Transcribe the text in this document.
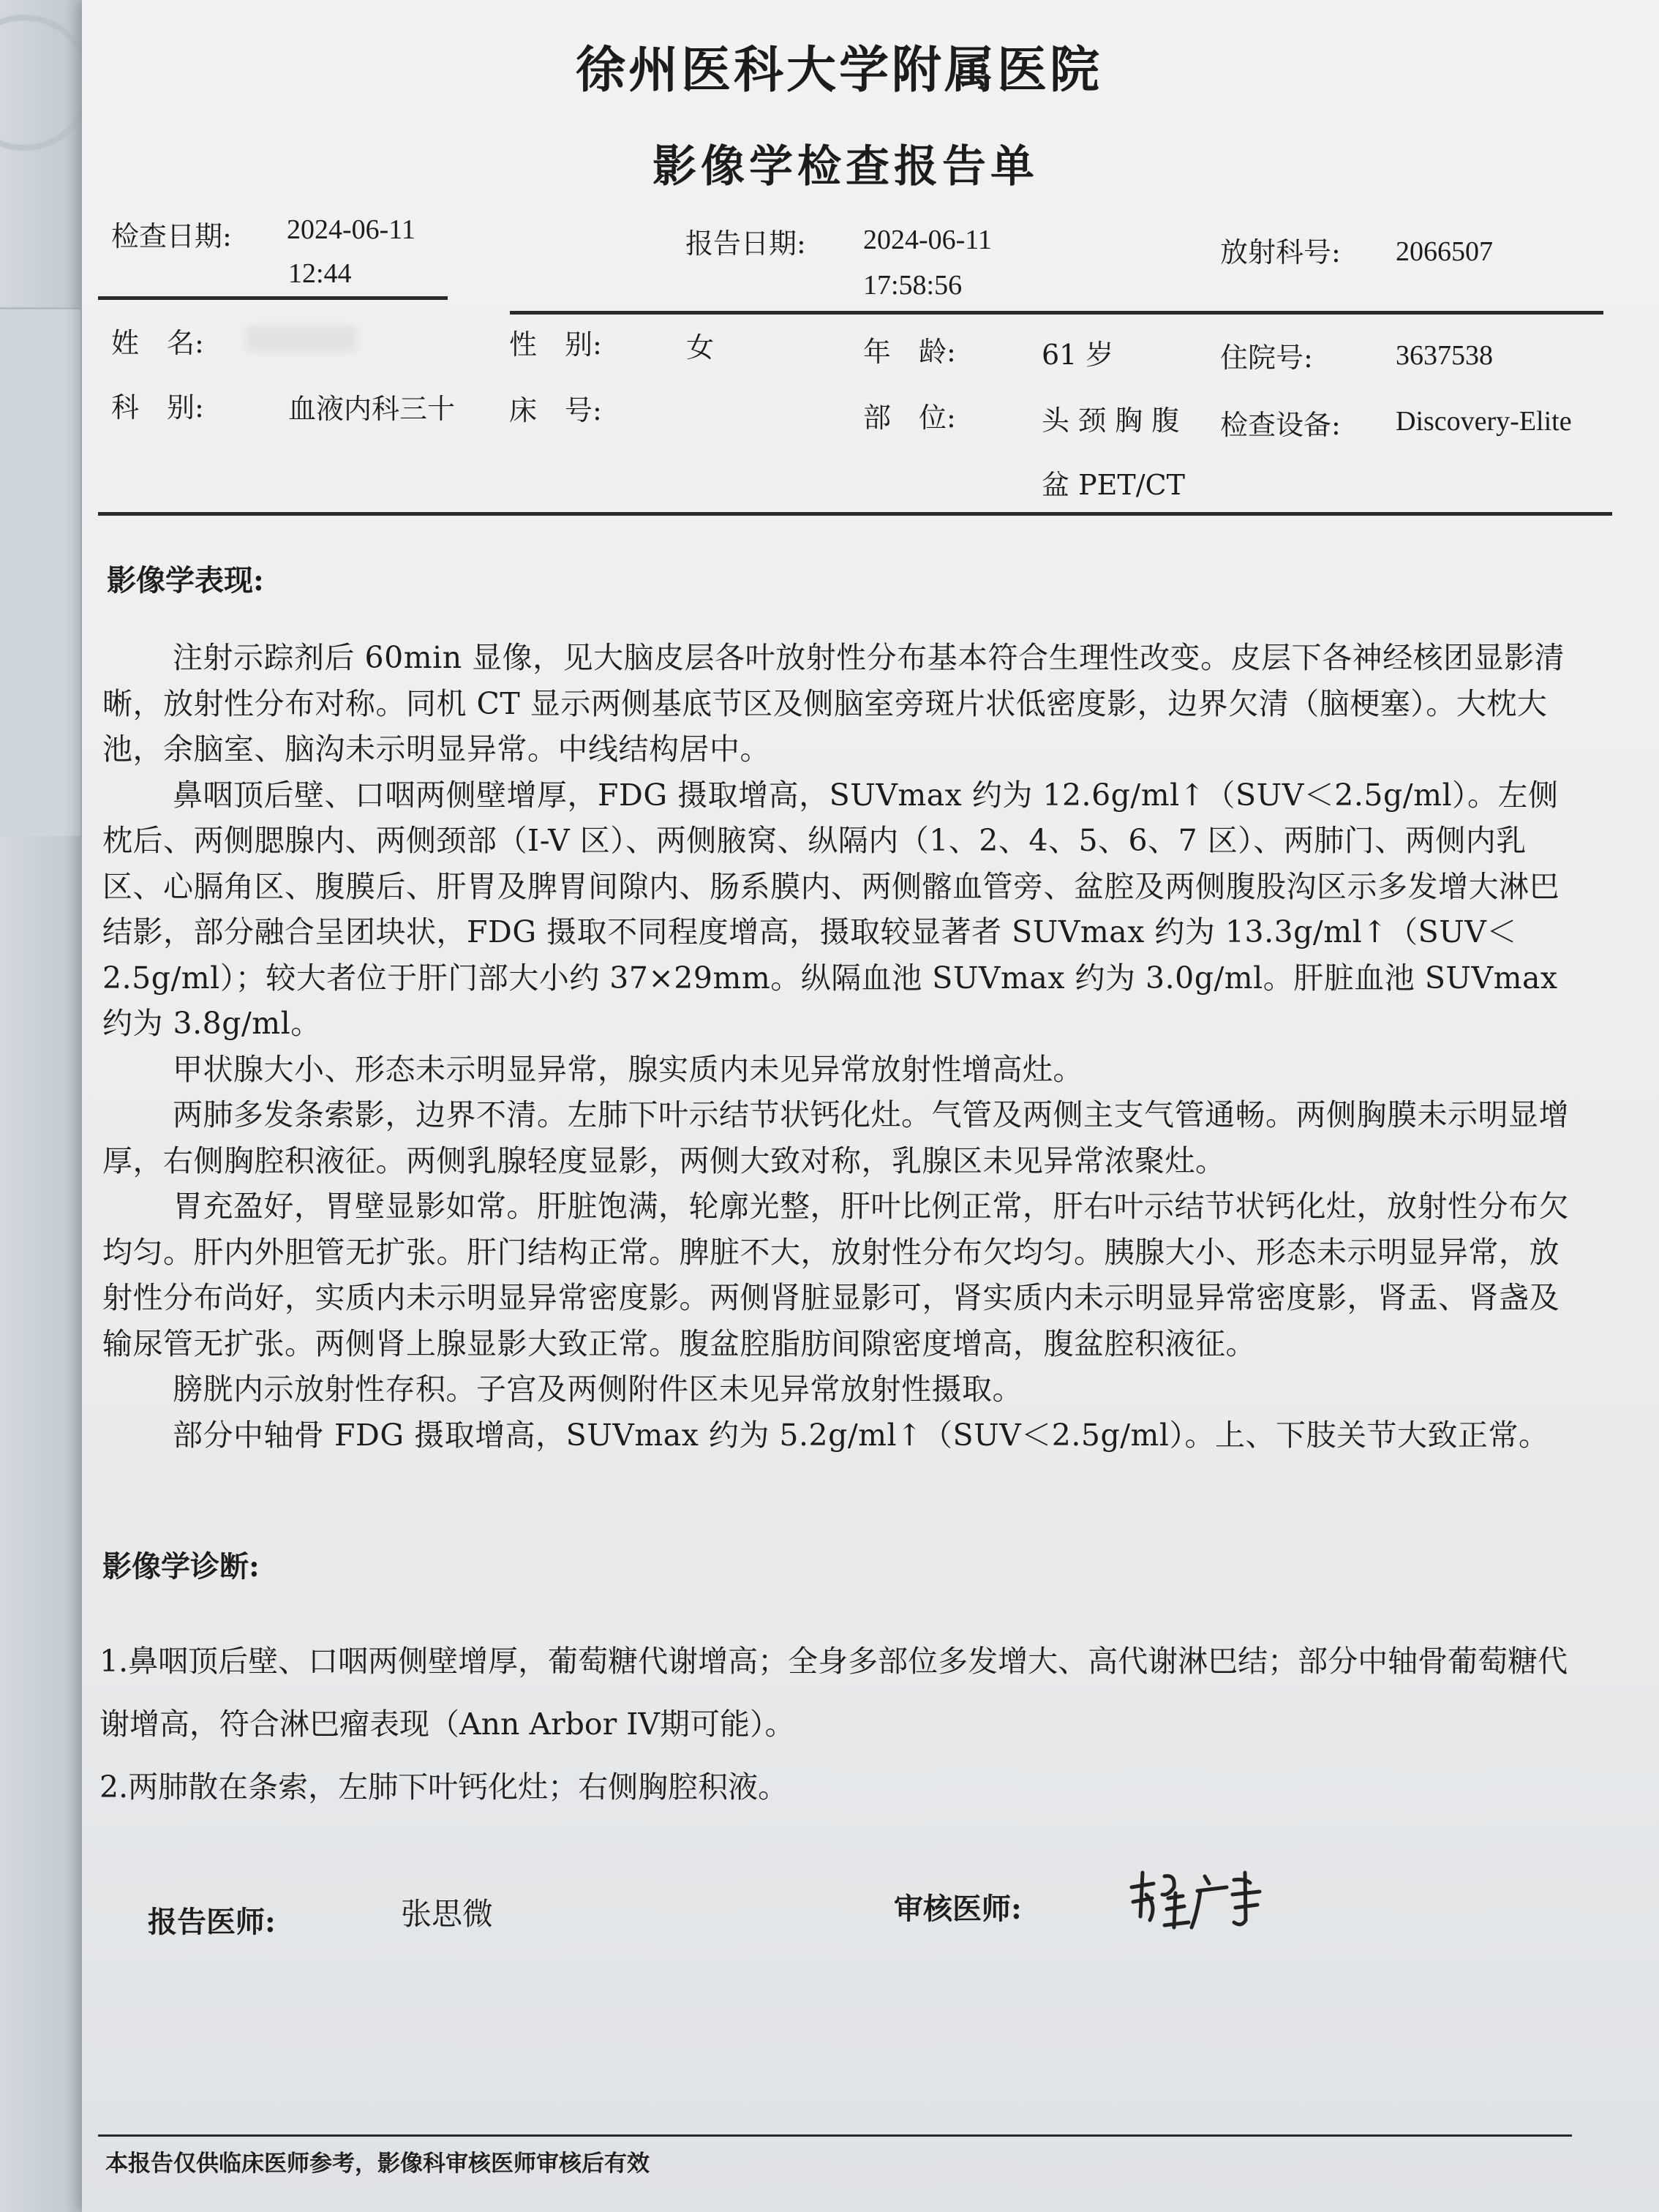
徐州医科大学附属医院
影像学检查报告单
检查日期: 2024-06-11
12:44
报告日期: 2024-06-11
17:58:56
放射科号: 2066507
姓　名:	性　别:	女	年　龄:	61 岁	住院号:	3637538
科　别:	血液内科三十 床　号:	部　位:	头 颈 胸 腹
盆 PET/CT
检查设备: Discovery-Elite
影像学表现:

注射示踪剂后 60min 显像，见大脑皮层各叶放射性分布基本符合生理性改变。皮层下各神经核团显影清晰，放射性分布对称。同机 CT 显示两侧基底节区及侧脑室旁斑片状低密度影，边界欠清（脑梗塞）。大枕大池，余脑室、脑沟未示明显异常。中线结构居中。

鼻咽顶后壁、口咽两侧壁增厚，FDG 摄取增高，SUVmax 约为 12.6g/ml↑（SUV＜2.5g/ml）。左侧枕后、两侧腮腺内、两侧颈部（I-V 区）、两侧腋窝、纵隔内（1、2、4、5、6、7 区）、两肺门、两侧内乳区、心膈角区、腹膜后、肝胃及脾胃间隙内、肠系膜内、两侧髂血管旁、盆腔及两侧腹股沟区示多发增大淋巴结影，部分融合呈团块状，FDG 摄取不同程度增高，摄取较显著者 SUVmax 约为 13.3g/ml↑（SUV＜2.5g/ml）；较大者位于肝门部大小约 37×29mm。纵隔血池 SUVmax 约为 3.0g/ml。肝脏血池 SUVmax 约为 3.8g/ml。

甲状腺大小、形态未示明显异常，腺实质内未见异常放射性增高灶。

两肺多发条索影，边界不清。左肺下叶示结节状钙化灶。气管及两侧主支气管通畅。两侧胸膜未示明显增厚，右侧胸腔积液征。两侧乳腺轻度显影，两侧大致对称，乳腺区未见异常浓聚灶。

胃充盈好，胃壁显影如常。肝脏饱满，轮廓光整，肝叶比例正常，肝右叶示结节状钙化灶，放射性分布欠均匀。肝内外胆管无扩张。肝门结构正常。脾脏不大，放射性分布欠均匀。胰腺大小、形态未示明显异常，放射性分布尚好，实质内未示明显异常密度影。两侧肾脏显影可，肾实质内未示明显异常密度影，肾盂、肾盏及输尿管无扩张。两侧肾上腺显影大致正常。腹盆腔脂肪间隙密度增高，腹盆腔积液征。

膀胱内示放射性存积。子宫及两侧附件区未见异常放射性摄取。

部分中轴骨 FDG 摄取增高，SUVmax 约为 5.2g/ml↑（SUV＜2.5g/ml）。上、下肢关节大致正常。

影像学诊断:

1.鼻咽顶后壁、口咽两侧壁增厚，葡萄糖代谢增高；全身多部位多发增大、高代谢淋巴结；部分中轴骨葡萄糖代谢增高，符合淋巴瘤表现（Ann Arbor IV期可能）。

2.两肺散在条索，左肺下叶钙化灶；右侧胸腔积液。

报告医师:	张思微	审核医师:
本报告仅供临床医师参考，影像科审核医师审核后有效
